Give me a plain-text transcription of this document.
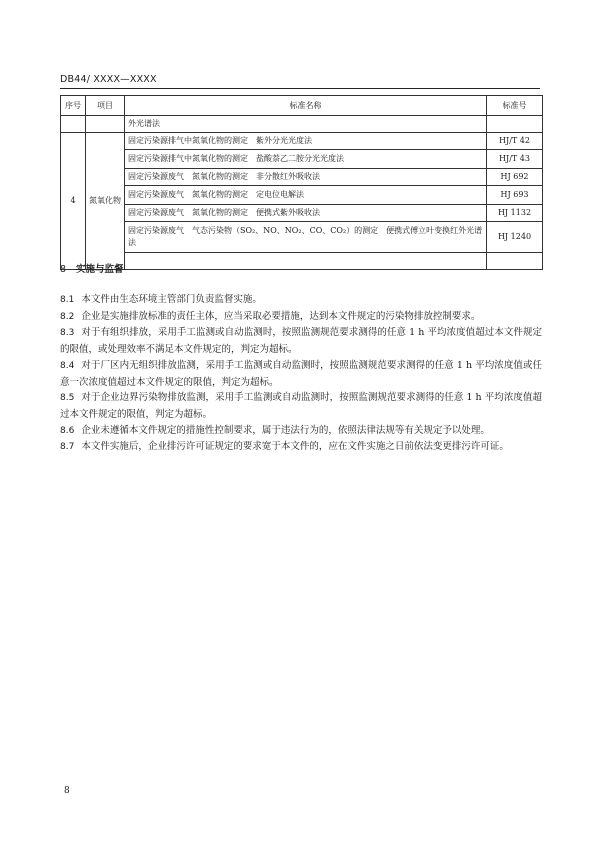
DB44/ XXXX—XXXX
序号	项目	标准名称	标准号
		外光谱法	
4	氮氧化物	固定污染源排气中氮氧化物的测定　紫外分光光度法	HJ/T 42
		固定污染源排气中氮氧化物的测定　盐酸萘乙二胺分光光度法	HJ/T 43
		固定污染源废气　氮氧化物的测定　非分散红外吸收法	HJ 692
		固定污染源废气　氮氧化物的测定　定电位电解法	HJ 693
		固定污染源废气　氮氧化物的测定　便携式紫外吸收法	HJ 1132
		固定污染源废气　气态污染物（SO₂、NO、NO₂、CO、CO₂）的测定　便携式傅立叶变换红外光谱法	HJ 1240

8 实施与监督
8.1 本文件由生态环境主管部门负责监督实施。
8.2 企业是实施排放标准的责任主体，应当采取必要措施，达到本文件规定的污染物排放控制要求。
8.3 对于有组织排放，采用手工监测或自动监测时，按照监测规范要求测得的任意 1 h 平均浓度值超过本文件规定的限值，或处理效率不满足本文件规定的，判定为超标。
8.4 对于厂区内无组织排放监测，采用手工监测或自动监测时，按照监测规范要求测得的任意 1 h 平均浓度值或任意一次浓度值超过本文件规定的限值，判定为超标。
8.5 对于企业边界污染物排放监测，采用手工监测或自动监测时，按照监测规范要求测得的任意 1 h 平均浓度值超过本文件规定的限值，判定为超标。
8.6 企业未遵循本文件规定的措施性控制要求，属于违法行为的，依照法律法规等有关规定予以处理。
8.7 本文件实施后，企业排污许可证规定的要求宽于本文件的，应在文件实施之日前依法变更排污许可证。
8
